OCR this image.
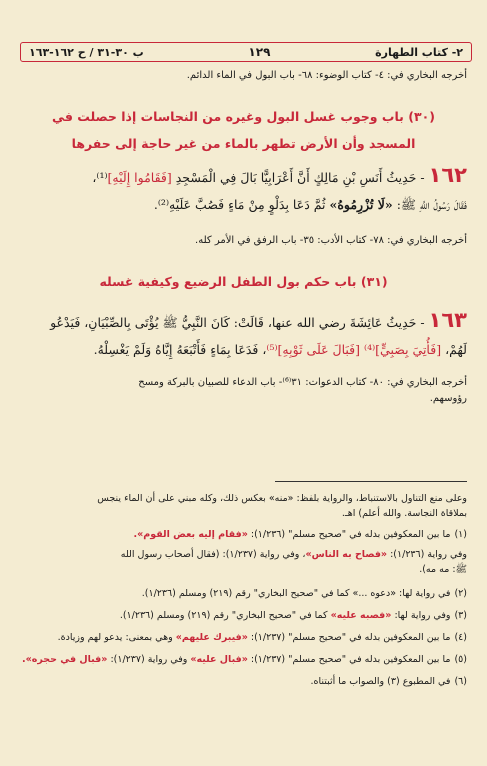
٢- كتاب الطهارة
١٢٩
ب ٣٠-٣١ / ح ١٦٢-١٦٣
أخرجه البخاري في: ٤- كتاب الوضوء: ٦٨- باب البول في الماء الدائم.
(٣٠) باب وجوب غسل البول وغيره من النجاسات إذا حصلت في
المسجد وأن الأرض تطهر بالماء من غير حاجة إلى حفرها
١٦٢ - حَدِيثُ أَنَسِ بْنِ مَالِكٍ أَنَّ أَعْرَابِيًّا بَالَ فِي الْمَسْجِدِ [فَقَامُوا إِلَيْهِ]⁽¹⁾،
فَقَالَ رَسُولُ اللَّهِ ﷺ: «لَا تُزْرِمُوهُ» ثُمَّ دَعَا بِدَلْوٍ مِنْ مَاءٍ فَصُبَّ عَلَيْهِ⁽²⁾.
أخرجه البخاري في: ٧٨- كتاب الأدب: ٣٥- باب الرفق في الأمر كله.
(٣١) باب حكم بول الطفل الرضيع وكيفية غسله
١٦٣ - حَدِيثُ عَائِشَةَ رضي الله عنها، قَالَتْ: كَانَ النَّبِيُّ ﷺ يُؤْتَى بِالصِّبْيَانِ، فَيَدْعُو
لَهُمْ، [فَأُتِيَ بِصَبِيٍّ]⁽⁴⁾ [فَبَالَ عَلَى ثَوْبِهِ]⁽⁵⁾، فَدَعَا بِمَاءٍ فَأَتْبَعَهُ إِيَّاهُ وَلَمْ يَغْسِلْهُ.
أخرجه البخاري في: ٨٠- كتاب الدعوات: ٣١⁽⁶⁾- باب الدعاء للصبيان بالبركة ومسح
رؤوسهم.
وعلى منع التناول بالاستنباط، والرواية بلفظ: «منه» بعكس ذلك، وكله مبني على أن الماء ينجس
بملاقاة النجاسة. والله أعلم) اهـ.
(١)ما بين المعكوفين بدله في "صحيح مسلم" (١/٢٣٦): «فقام إليه بعض القوم».
وفي رواية (١/٢٣٦): «فصاح به الناس»، وفي رواية (١/٢٣٧): (فقال أصحاب رسول الله
ﷺ: مه مه).
(٢)في رواية لها: «دعوه ...» كما في "صحيح البخاري" رقم (٢١٩) ومسلم (١/٢٣٦).
(٣)وفي رواية لها: «فصبه عليه» كما في "صحيح البخاري" رقم (٢١٩) ومسلم (١/٢٣٦).
(٤)ما بين المعكوفين بدله في "صحيح مسلم" (١/٢٣٧): «فيبرك عليهم» وهي بمعنى: يدعو لهم وزيادة.
(٥)ما بين المعكوفين بدله في "صحيح مسلم" (١/٢٣٧): «فبال عليه» وفي رواية (١/٢٣٧): «فبال في حجره».
(٦)في المطبوع (٣) والصواب ما أثبتناه.
